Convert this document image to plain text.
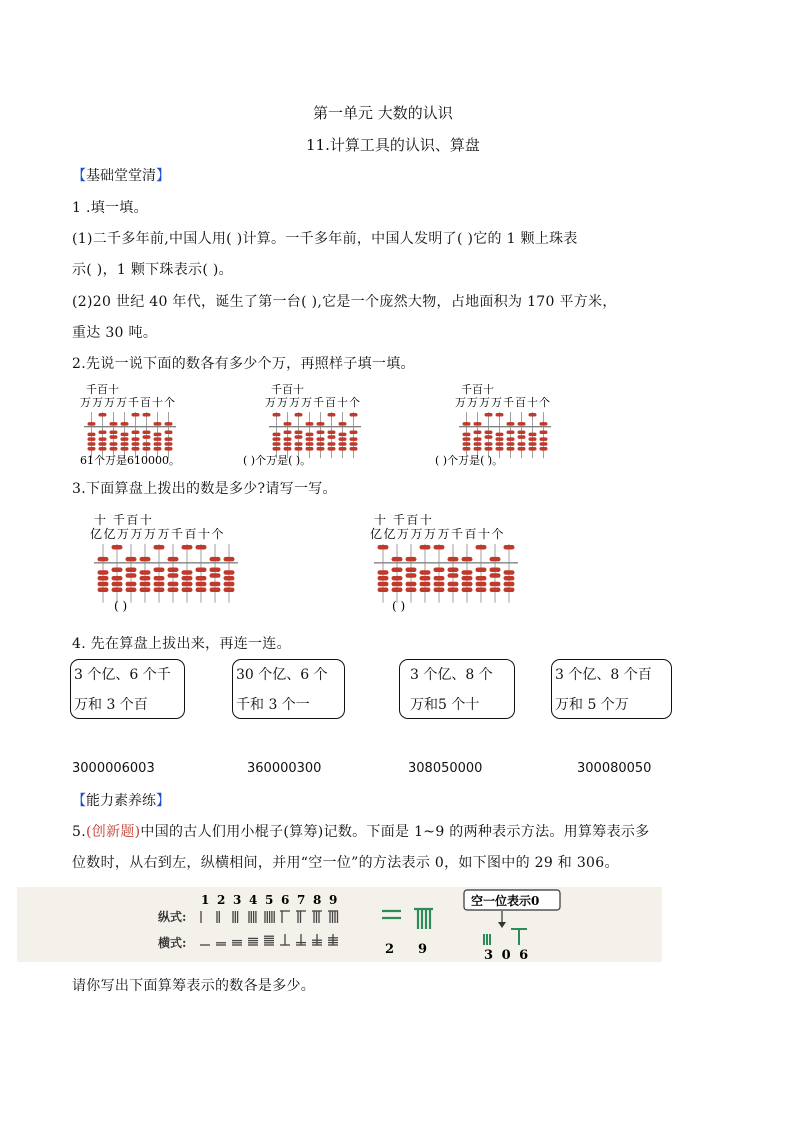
第一单元 大数的认识
11.计算工具的认识、算盘
【基础堂堂清】
1 .填一填。
(1)二千多年前,中国人用( )计算。一千多年前，中国人发明了( )它的 1 颗上珠表
示( )，1 颗下珠表示( )。
(2)20 世纪 40 年代，诞生了第一台( ),它是一个庞然大物，占地面积为 170 平方米，
重达 30 吨。
2.先说一说下面的数各有多少个万，再照样子填一填。
千百十
万万万万千百十个
61个万是610000。
千百十
万万万万千百十个
( )个万是( )。
千百十
万万万万千百十个
( )个万是( )。
3.下面算盘上拨出的数是多少?请写一写。
十 千百十
亿亿万万万万千百十个
( )
十 千百十
亿亿万万万万千百十个
( )
4. 先在算盘上拔出来，再连一连。
3 个亿、6 个千
万和 3 个百
30 个亿、6 个
千和 3 个一
3 个亿、8 个
万和5 个十
3 个亿、8 个百
万和 5 个万
3000006003	360000300	308050000	300080050
【能力素养练】
5.(创新题)中国的古人们用小棍子(算筹)记数。下面是 1~9 的两种表示方法。用算筹表示多
位数时，从右到左，纵横相间，并用“空一位”的方法表示 0，如下图中的 29 和 306。
1 2 3 4 5 6 7 8 9
纵式:
横式:	2 9
空一位表示0
3 0 6
请你写出下面算筹表示的数各是多少。
